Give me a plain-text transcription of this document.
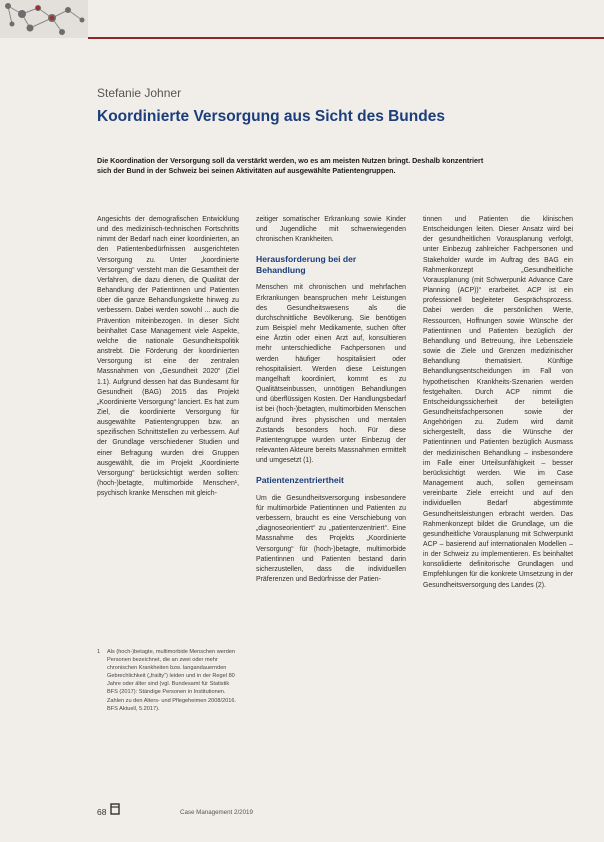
Stefanie Johner
Koordinierte Versorgung aus Sicht des Bundes
Die Koordination der Versorgung soll da verstärkt werden, wo es am meisten Nutzen bringt. Deshalb konzentriert sich der Bund in der Schweiz bei seinen Aktivitäten auf ausgewählte Patientengruppen.

Angesichts der demografischen Entwicklung und des medizinisch-technischen Fortschritts nimmt der Bedarf nach einer koordinierten, an den Patientenbedürfnissen ausgerichteten Versorgung zu. Unter „koordinierte Versorgung“ versteht man die Gesamtheit der Verfahren, die dazu dienen, die Qualität der Behandlung der Patientinnen und Patienten über die ganze Behandlungskette hinweg zu verbessern. Dabei werden sowohl ... auch die Prävention miteinbezogen. In dieser Sicht beinhaltet Case Management viele Aspekte, welche die nationale Gesundheitspolitik anstrebt. Die Förderung der koordinierten Versorgung ist eine der zentralen Massnahmen von „Gesundheit 2020“ (Ziel 1.1). Aufgrund dessen hat das Bundesamt für Gesundheit (BAG) 2015 das Projekt „Koordinierte Versorgung“ lanciert. Es hat zum Ziel, die koordinierte Versorgung für ausgewählte Patientengruppen bzw. an spezifischen Schnittstellen zu verbessern. Auf der Grundlage verschiedener Studien und einer Befragung wurden drei Gruppen ausgewählt, die im Projekt „Koordinierte Versorgung“ berücksichtigt werden sollten: (hoch-)betagte, multimorbide Menschen¹, psychisch kranke Menschen mit gleich-

zeitiger somatischer Erkrankung sowie Kinder und Jugendliche mit schwerwiegenden chronischen Krankheiten.

Herausforderung bei der Behandlung

Menschen mit chronischen und mehrfachen Erkrankungen beanspruchen mehr Leistungen des Gesundheitswesens als die durchschnittliche Bevölkerung. Sie benötigen zum Beispiel mehr Medikamente, suchen öfter eine Ärztin oder einen Arzt auf, konsultieren mehr unterschiedliche Fachpersonen und werden häufiger hospitalisiert oder rehospitalisiert. Werden diese Leistungen mangelhaft koordiniert, kommt es zu Qualitätseinbussen, unnötigen Behandlungen und überflüssigen Kosten. Der Handlungsbedarf ist bei (hoch-)betagten, multimorbiden Menschen aufgrund ihres physischen und mentalen Zustands besonders hoch. Für diese Patientengruppe wurden unter Einbezug der relevanten Akteure bereits Massnahmen ermittelt und umgesetzt (1).

Patientenzentriertheit

Um die Gesundheitsversorgung insbesondere für multimorbide Patientinnen und Patienten zu verbessern, braucht es eine Verschiebung von „diagnoseorientiert“ zu „patientenzentriert“. Eine Massnahme des Projekts „Koordinierte Versorgung“ für (hoch-)betagte, multimorbide Patientinnen und Patienten bestand darin sicherzustellen, dass die individuellen Präferenzen und Bedürfnisse der Patien-

tinnen und Patienten die klinischen Entscheidungen leiten. Dieser Ansatz wird bei der gesundheitlichen Vorausplanung verfolgt, unter Einbezug zahlreicher Fachpersonen und Stakeholder wurde im Auftrag des BAG ein Rahmenkonzept „Gesundheitliche Vorausplanung (mit Schwerpunkt Advance Care Planning (ACP))“ erarbeitet. ACP ist ein professionell begleiteter Gesprächsprozess. Dabei werden die persönlichen Werte, Ressourcen, Hoffnungen sowie Wünsche der Patientinnen und Patienten bezüglich der Behandlung und Betreuung, ihre Lebensziele sowie die Ziele und Grenzen medizinischer Behandlung thematisiert. Künftige Behandlungsentscheidungen im Fall von hypothetischen Krankheits-Szenarien werden festgehalten. Durch ACP nimmt die Entscheidungssicherheit der beteiligten Gesundheitsfachpersonen sowie der Angehörigen zu. Zudem wird damit sichergestellt, dass die Wünsche der Patientinnen und Patienten bezüglich Ausmass der medizinischen Behandlung – insbesondere im Falle einer Urteilsunfähigkeit – besser berücksichtigt werden. Wie im Case Management auch, sollen gemeinsam vereinbarte Ziele erreicht und auf den individuellen Bedarf abgestimmte Gesundheitsleistungen erbracht werden. Das Rahmenkonzept bildet die Grundlage, um die gesundheitliche Vorausplanung mit Schwerpunkt ACP – basierend auf internationalen Modellen – in der Schweiz zu implementieren. Es beinhaltet konsolidierte definitorische Grundlagen und Empfehlungen für die konkrete Umsetzung in der Gesundheitsversorgung des Landes (2).

1 Als (hoch-)betagte, multimorbide Menschen werden Personen bezeichnet, die an zwei oder mehr chronischen Krankheiten bzw. langandauernden Gebrechlichkeit („frailty“) leiden und in der Regel 80 Jahre oder älter sind (vgl. Bundesamt für Statistik BFS (2017): Ständige Personen in Institutionen. Zahlen zu den Alters- und Pflegeheimen 2008/2016. BFS Aktuell, 5.2017).
68	Case Management 2/2019
